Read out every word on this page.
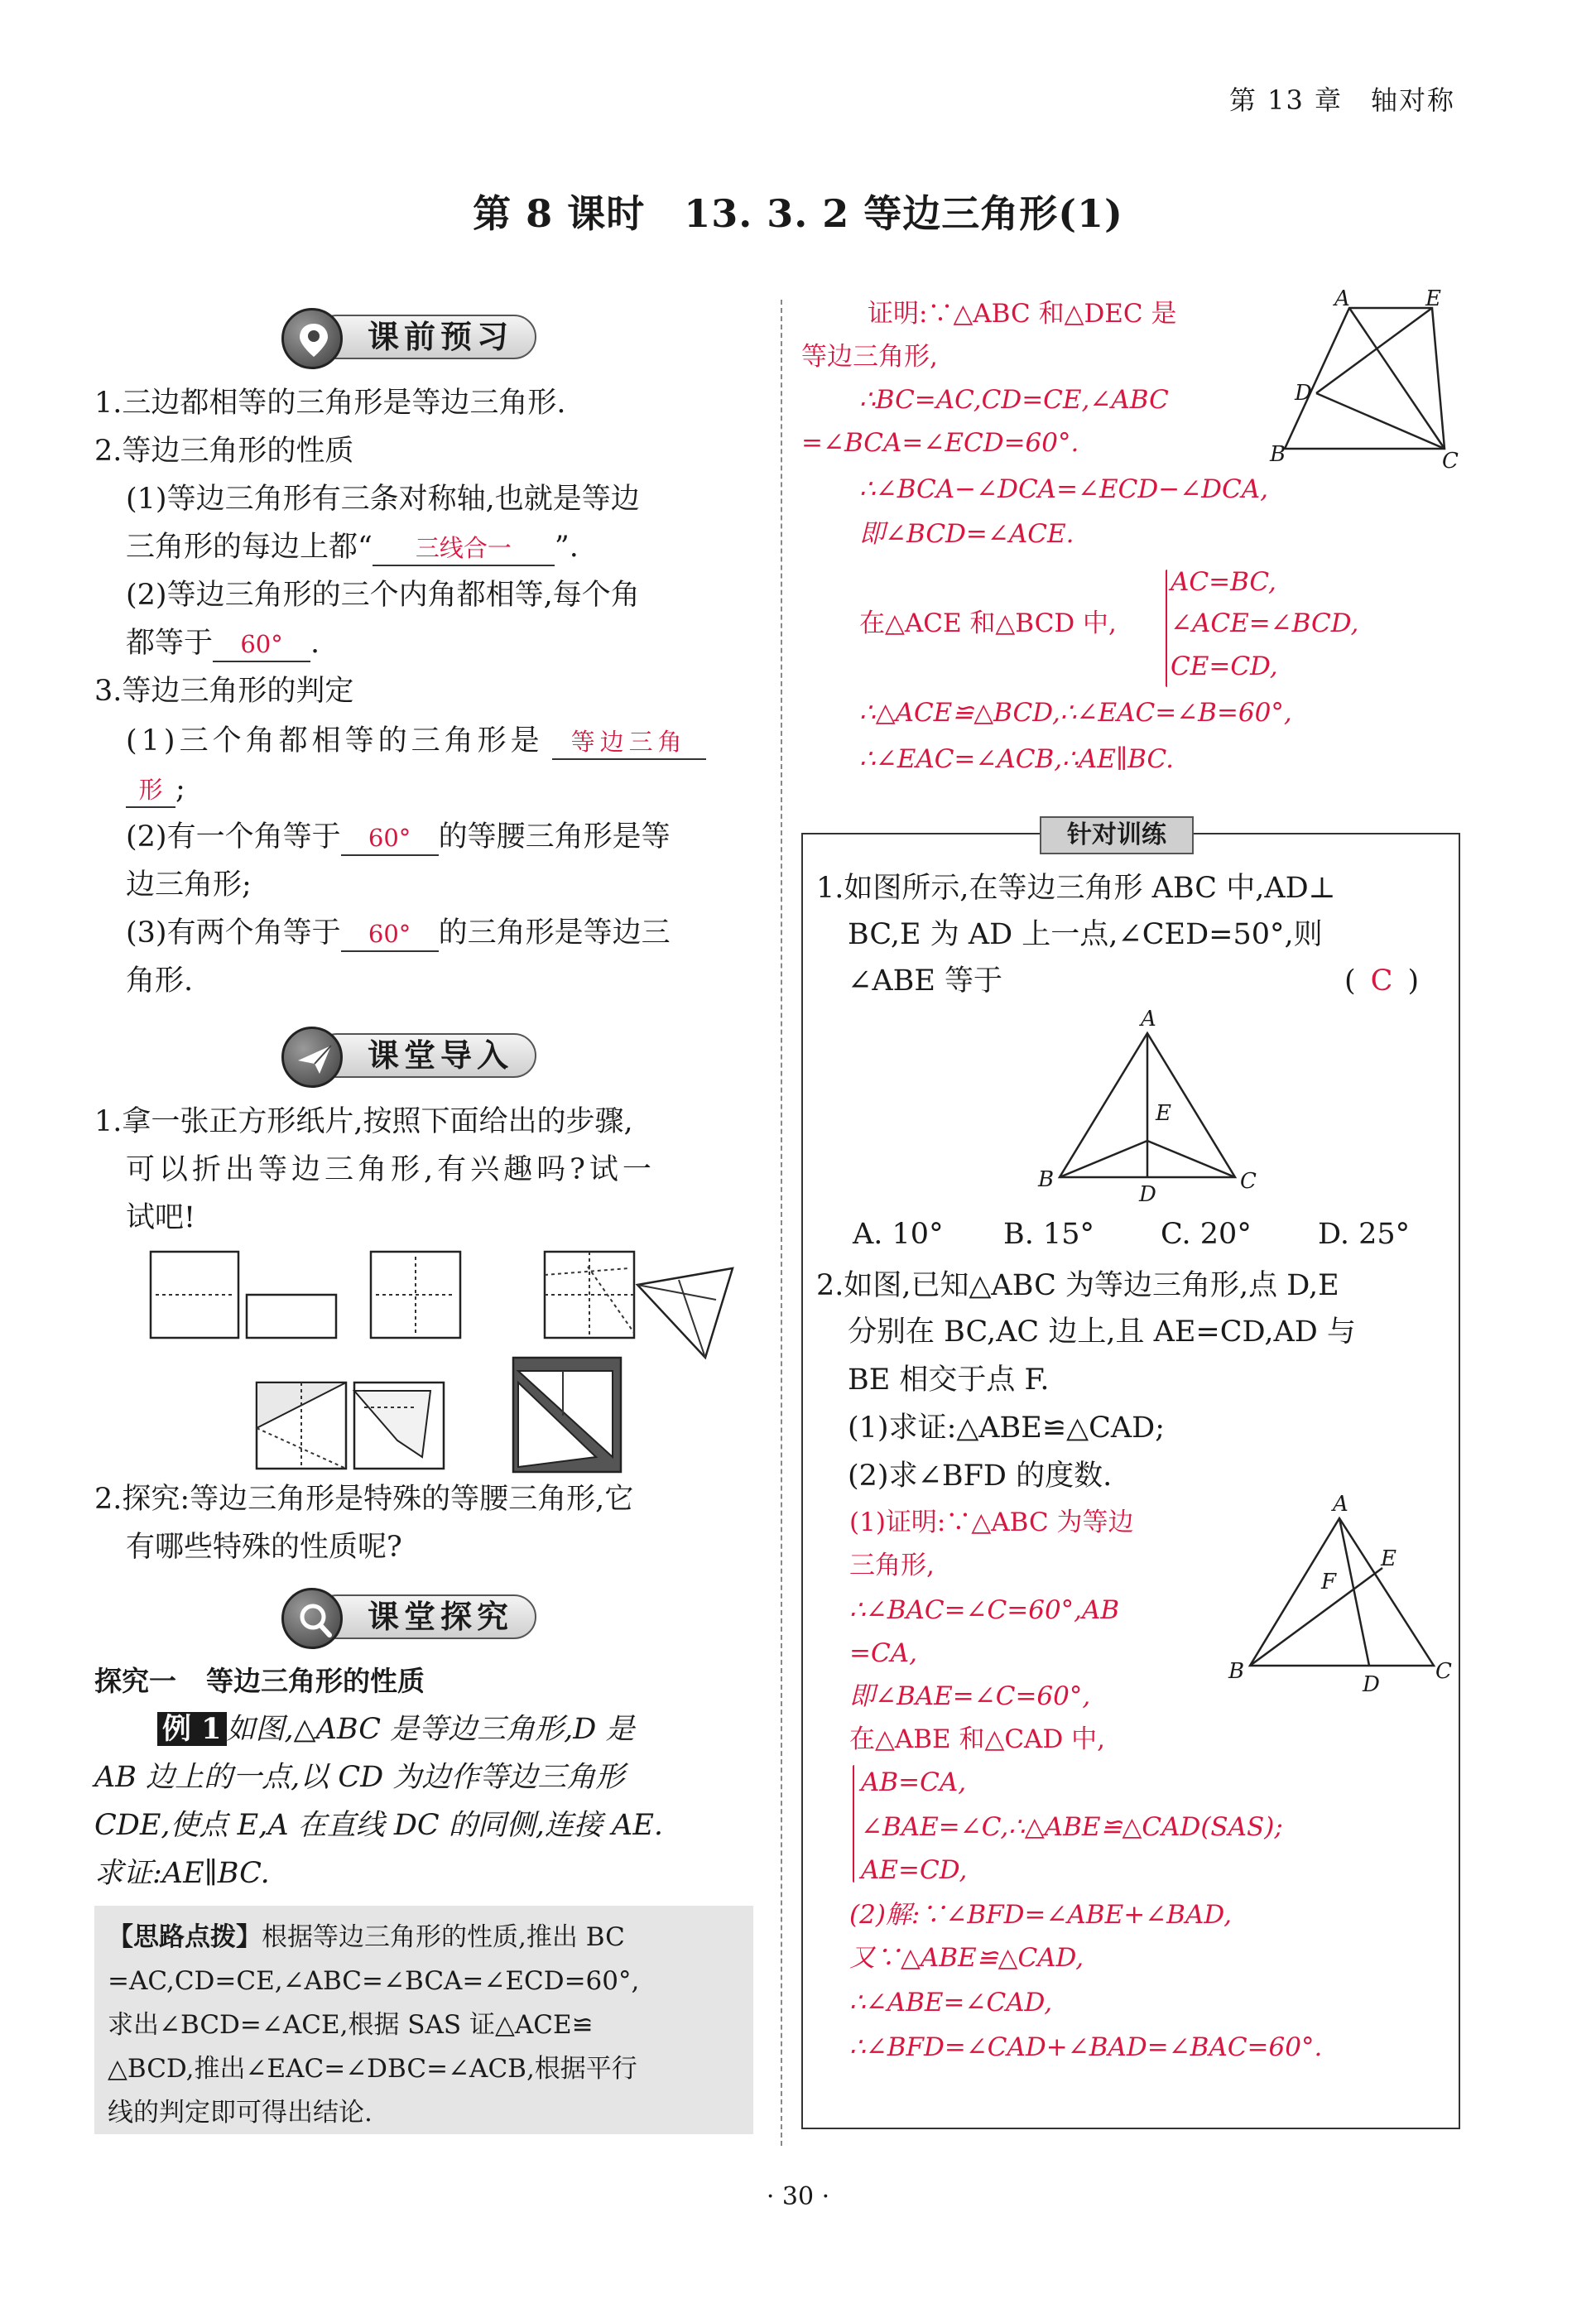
第 13 章 轴对称
第 8 课时　13. 3. 2 等边三角形(1)
课前预习
1.三边都相等的三角形是等边三角形.
2.等边三角形的性质
(1)等边三角形有三条对称轴,也就是等边
三角形的每边上都“ 三线合一 ”.
(2)等边三角形的三个内角都相等,每个角
都等于 60° .
3.等边三角形的判定
(1)三个角都相等的三角形是 等边三角
形 ;
(2)有一个角等于 60° 的等腰三角形是等
边三角形;
(3)有两个角等于 60° 的三角形是等边三
角形.
课堂导入
1.拿一张正方形纸片,按照下面给出的步骤,
可以折出等边三角形,有兴趣吗?试一
试吧!
2.探究:等边三角形是特殊的等腰三角形,它
有哪些特殊的性质呢?
课堂探究
探究一 等边三角形的性质
例 1 如图,△ABC 是等边三角形,D 是
AB 边上的一点,以 CD 为边作等边三角形
CDE,使点 E,A 在直线 DC 的同侧,连接 AE.
求证:AE∥BC.
【思路点拨】根据等边三角形的性质,推出 BC
=AC,CD=CE,∠ABC=∠BCA=∠ECD=60°,
求出∠BCD=∠ACE,根据 SAS 证△ACE≌
△BCD,推出∠EAC=∠DBC=∠ACB,根据平行
线的判定即可得出结论.
证明:∵△ABC 和△DEC 是
等边三角形,
∴BC=AC,CD=CE,∠ABC
=∠BCA=∠ECD=60°.
∴∠BCA−∠DCA=∠ECD−∠DCA,
即∠BCD=∠ACE.
在△ACE 和△BCD 中,
AC=BC,
∠ACE=∠BCD,
CE=CD,
∴△ACE≌△BCD,∴∠EAC=∠B=60°,
∴∠EAC=∠ACB,∴AE∥BC.
A	E
D
B	C
针对训练
1.如图所示,在等边三角形 ABC 中,AD⊥
BC,E 为 AD 上一点,∠CED=50°,则
∠ABE 等于	( C )
A
E
B
D
C
A. 10° B. 15° C. 20° D. 25°
2.如图,已知△ABC 为等边三角形,点 D,E
分别在 BC,AC 边上,且 AE=CD,AD 与
BE 相交于点 F.
(1)求证:△ABE≌△CAD;
(2)求∠BFD 的度数.
(1)证明:∵△ABC 为等边
三角形,
∴∠BAC=∠C=60°,AB
=CA,
即∠BAE=∠C=60°,
在△ABE 和△CAD 中,
AB=CA,
∠BAE=∠C,∴△ABE≌△CAD(SAS);
AE=CD,
(2)解:∵∠BFD=∠ABE+∠BAD,
又∵△ABE≌△CAD,
∴∠ABE=∠CAD,
∴∠BFD=∠CAD+∠BAD=∠BAC=60°.
A
E
F
B
D
C
· 30 ·
